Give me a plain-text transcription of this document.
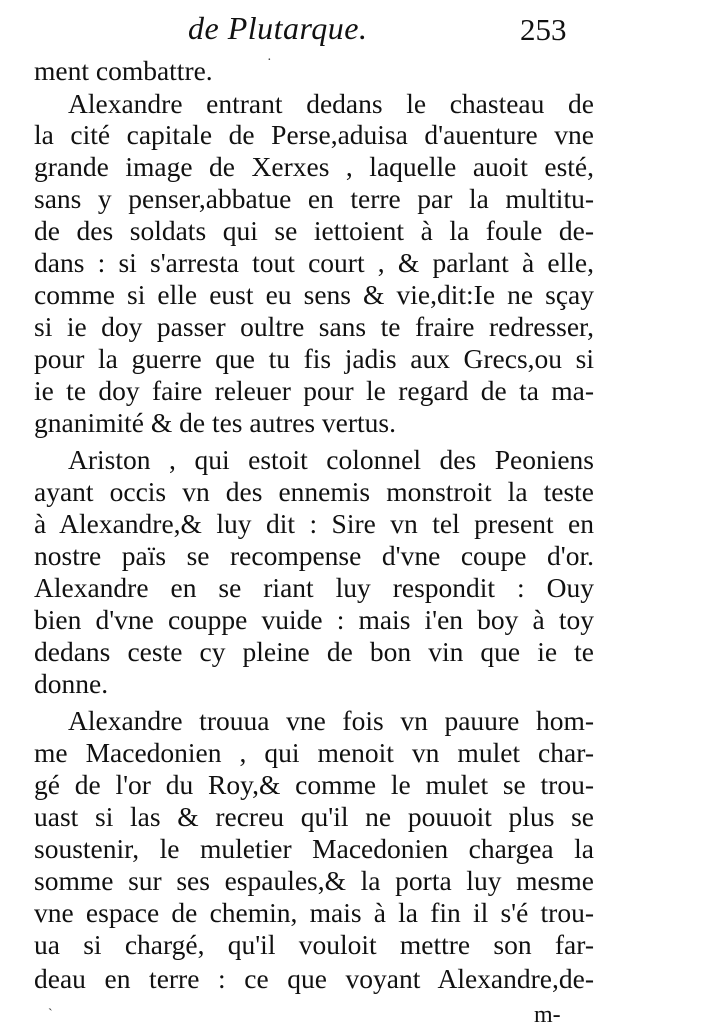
de Plutarque.	253
·
ment combattre.
Alexandre entrant dedans le chasteau de
la cité capitale de Perse,aduisa d'auenture vne
grande image de Xerxes , laquelle auoit esté,
sans y penser,abbatue en terre par la multitu-
de des soldats qui se iettoient à la foule de-
dans : si s'arresta tout court , & parlant à elle,
comme si elle eust eu sens & vie,dit:Ie ne sçay
si ie doy passer oultre sans te fraire redresser,
pour la guerre que tu fis jadis aux Grecs,ou si
ie te doy faire releuer pour le regard de ta ma-
gnanimité & de tes autres vertus.
Ariston , qui estoit colonnel des Peoniens
ayant occis vn des ennemis monstroit la teste
à Alexandre,& luy dit : Sire vn tel present en
nostre païs se recompense d'vne coupe d'or.
Alexandre en se riant luy respondit : Ouy
bien d'vne couppe vuide : mais i'en boy à toy
dedans ceste cy pleine de bon vin que ie te
donne.
Alexandre trouua vne fois vn pauure hom-
me Macedonien , qui menoit vn mulet char-
gé de l'or du Roy,& comme le mulet se trou-
uast si las & recreu qu'il ne pouuoit plus se
soustenir, le muletier Macedonien chargea la
somme sur ses espaules,& la porta luy mesme
vne espace de chemin, mais à la fin il s'é trou-
ua si chargé, qu'il vouloit mettre son far-
deau en terre : ce que voyant Alexandre,de-
ˋ	m-
